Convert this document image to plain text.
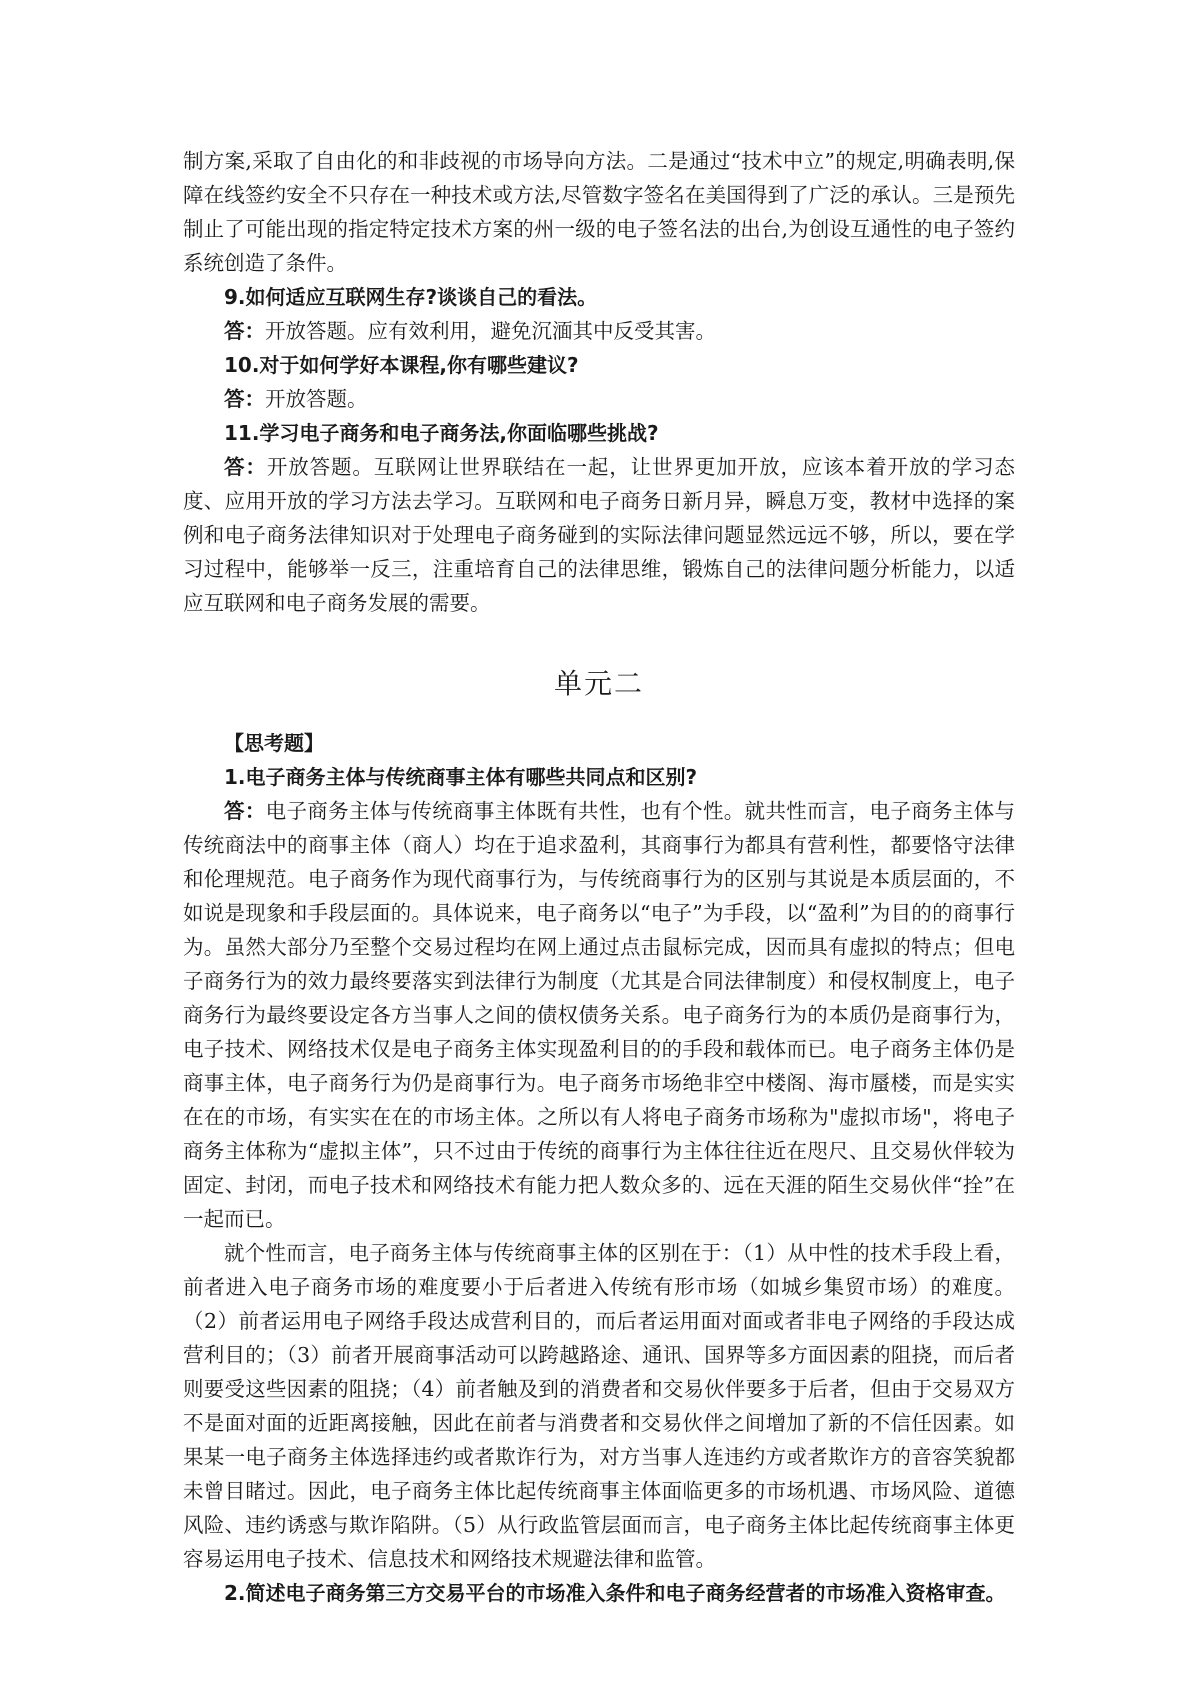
制方案,采取了自由化的和非歧视的市场导向方法。二是通过“技术中立”的规定,明确表明,保障在线签约安全不只存在一种技术或方法,尽管数字签名在美国得到了广泛的承认。三是预先制止了可能出现的指定特定技术方案的州一级的电子签名法的出台,为创设互通性的电子签约系统创造了条件。

9.如何适应互联网生存?谈谈自己的看法。

答：开放答题。应有效利用，避免沉湎其中反受其害。

10.对于如何学好本课程,你有哪些建议?

答：开放答题。

11.学习电子商务和电子商务法,你面临哪些挑战?

答：开放答题。互联网让世界联结在一起，让世界更加开放，应该本着开放的学习态度、应用开放的学习方法去学习。互联网和电子商务日新月异，瞬息万变，教材中选择的案例和电子商务法律知识对于处理电子商务碰到的实际法律问题显然远远不够，所以，要在学习过程中，能够举一反三，注重培育自己的法律思维，锻炼自己的法律问题分析能力，以适应互联网和电子商务发展的需要。

单元二

【思考题】

1.电子商务主体与传统商事主体有哪些共同点和区别?

答：电子商务主体与传统商事主体既有共性，也有个性。就共性而言，电子商务主体与传统商法中的商事主体（商人）均在于追求盈利，其商事行为都具有营利性，都要恪守法律和伦理规范。电子商务作为现代商事行为，与传统商事行为的区别与其说是本质层面的，不如说是现象和手段层面的。具体说来，电子商务以“电子”为手段，以“盈利”为目的的商事行为。虽然大部分乃至整个交易过程均在网上通过点击鼠标完成，因而具有虚拟的特点；但电子商务行为的效力最终要落实到法律行为制度（尤其是合同法律制度）和侵权制度上，电子商务行为最终要设定各方当事人之间的债权债务关系。电子商务行为的本质仍是商事行为，电子技术、网络技术仅是电子商务主体实现盈利目的的手段和载体而已。电子商务主体仍是商事主体，电子商务行为仍是商事行为。电子商务市场绝非空中楼阁、海市蜃楼，而是实实在在的市场，有实实在在的市场主体。之所以有人将电子商务市场称为"虚拟市场"，将电子商务主体称为“虚拟主体”，只不过由于传统的商事行为主体往往近在咫尺、且交易伙伴较为固定、封闭，而电子技术和网络技术有能力把人数众多的、远在天涯的陌生交易伙伴“拴”在一起而已。

就个性而言，电子商务主体与传统商事主体的区别在于：（1）从中性的技术手段上看，前者进入电子商务市场的难度要小于后者进入传统有形市场（如城乡集贸市场）的难度。（2）前者运用电子网络手段达成营利目的，而后者运用面对面或者非电子网络的手段达成营利目的；（3）前者开展商事活动可以跨越路途、通讯、国界等多方面因素的阻挠，而后者则要受这些因素的阻挠；（4）前者触及到的消费者和交易伙伴要多于后者，但由于交易双方不是面对面的近距离接触，因此在前者与消费者和交易伙伴之间增加了新的不信任因素。如果某一电子商务主体选择违约或者欺诈行为，对方当事人连违约方或者欺诈方的音容笑貌都未曾目睹过。因此，电子商务主体比起传统商事主体面临更多的市场机遇、市场风险、道德风险、违约诱惑与欺诈陷阱。（5）从行政监管层面而言，电子商务主体比起传统商事主体更容易运用电子技术、信息技术和网络技术规避法律和监管。

2.简述电子商务第三方交易平台的市场准入条件和电子商务经营者的市场准入资格审查。
